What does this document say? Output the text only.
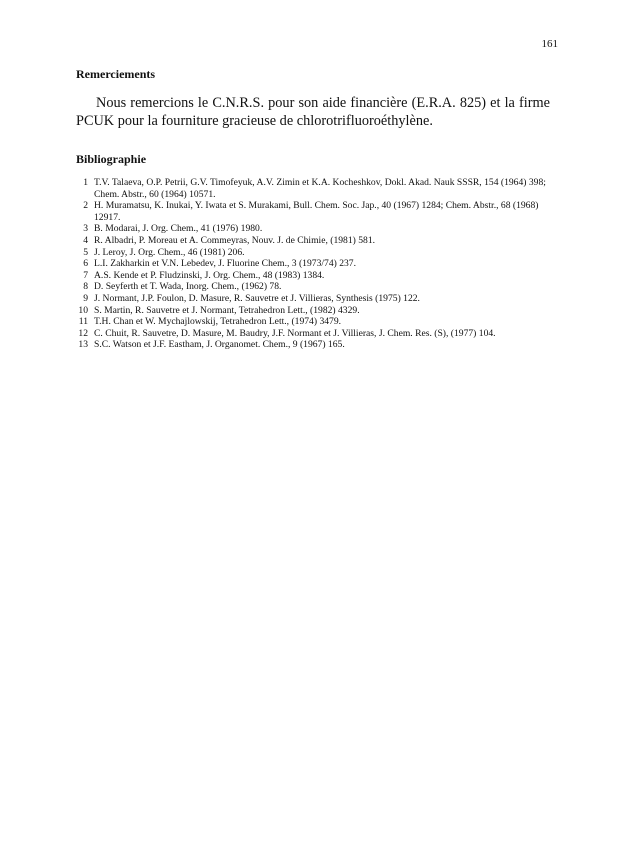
161
Remerciements

Nous remercions le C.N.R.S. pour son aide financière (E.R.A. 825) et la firme PCUK pour la fourniture gracieuse de chlorotrifluoroéthylène.

Bibliographie
1 T.V. Talaeva, O.P. Petrii, G.V. Timofeyuk, A.V. Zimin et K.A. Kocheshkov, Dokl. Akad. Nauk SSSR, 154 (1964) 398; Chem. Abstr., 60 (1964) 10571.
2 H. Muramatsu, K. Inukai, Y. Iwata et S. Murakami, Bull. Chem. Soc. Jap., 40 (1967) 1284; Chem. Abstr., 68 (1968) 12917.
3 B. Modarai, J. Org. Chem., 41 (1976) 1980.
4 R. Albadri, P. Moreau et A. Commeyras, Nouv. J. de Chimie, (1981) 581.
5 J. Leroy, J. Org. Chem., 46 (1981) 206.
6 L.I. Zakharkin et V.N. Lebedev, J. Fluorine Chem., 3 (1973/74) 237.
7 A.S. Kende et P. Fludzinski, J. Org. Chem., 48 (1983) 1384.
8 D. Seyferth et T. Wada, Inorg. Chem., (1962) 78.
9 J. Normant, J.P. Foulon, D. Masure, R. Sauvetre et J. Villieras, Synthesis (1975) 122.
10 S. Martin, R. Sauvetre et J. Normant, Tetrahedron Lett., (1982) 4329.
11 T.H. Chan et W. Mychajlowskij, Tetrahedron Lett., (1974) 3479.
12 C. Chuit, R. Sauvetre, D. Masure, M. Baudry, J.F. Normant et J. Villieras, J. Chem. Res. (S), (1977) 104.
13 S.C. Watson et J.F. Eastham, J. Organomet. Chem., 9 (1967) 165.
